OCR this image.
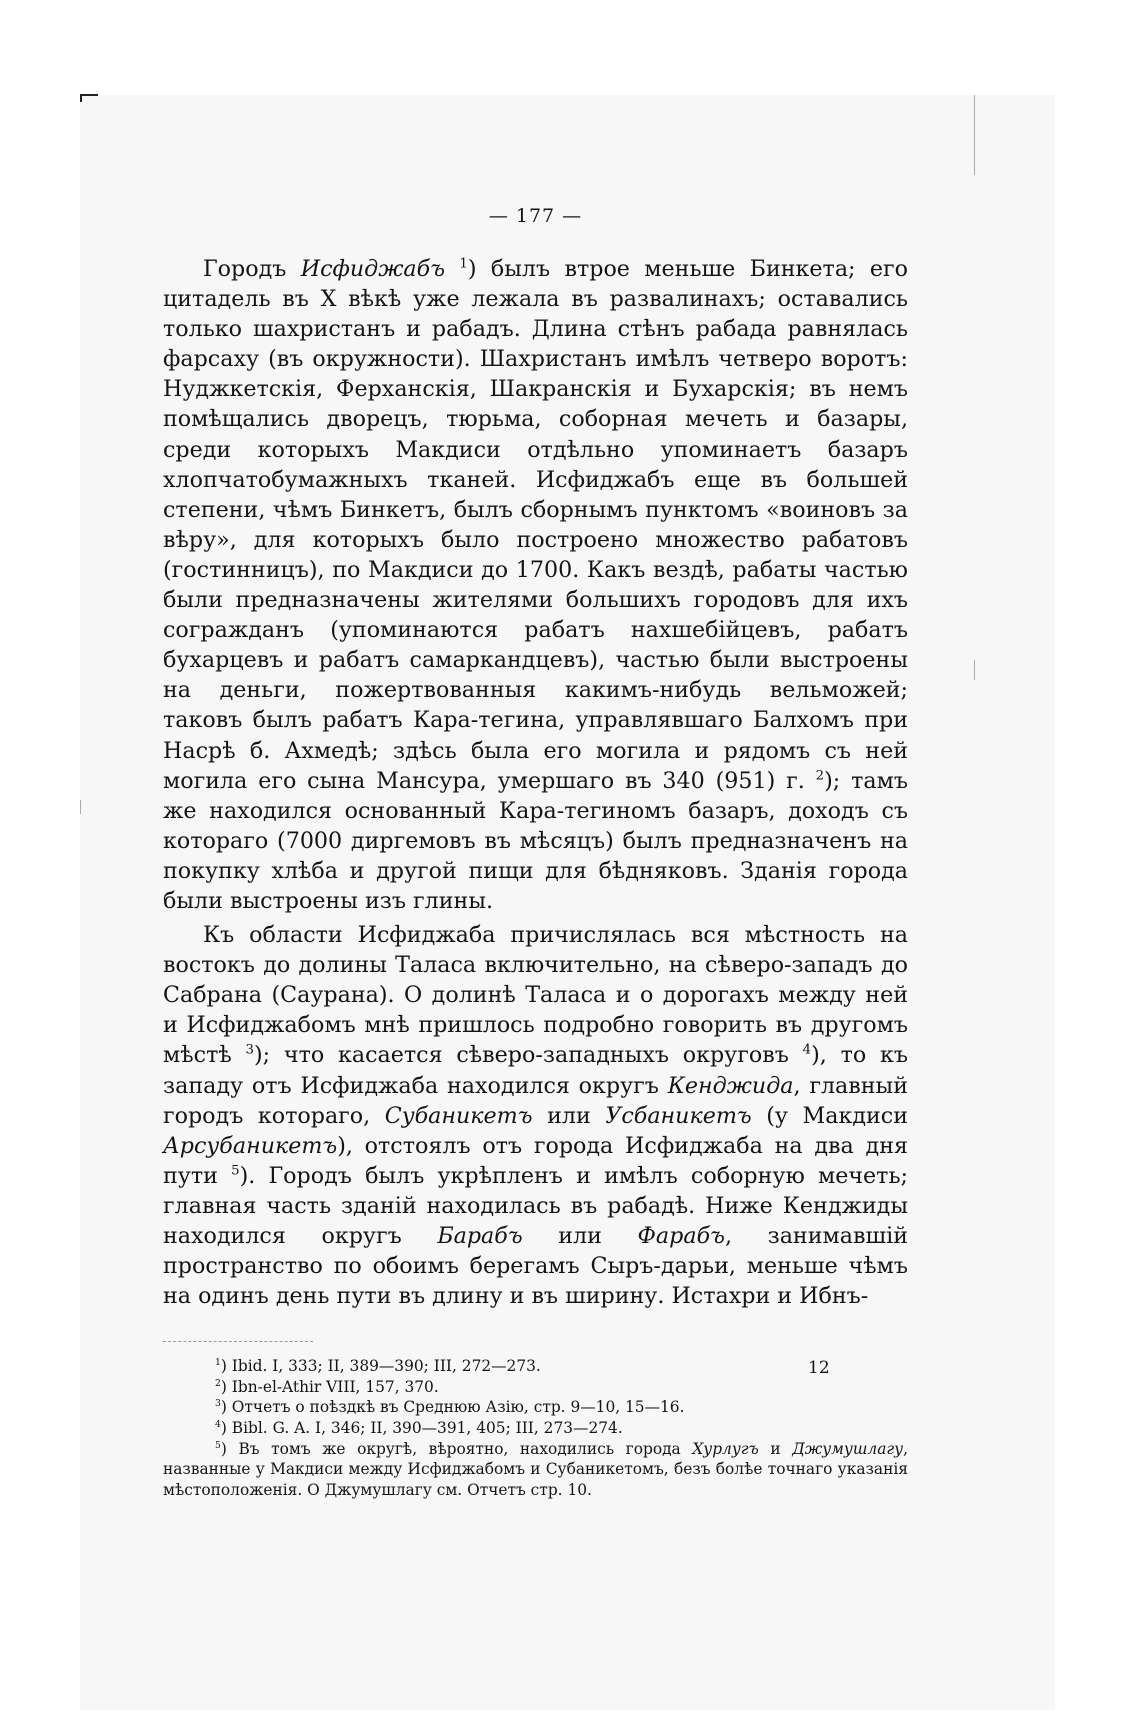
— 177 —

Городъ Исфиджабъ $^1$) былъ втрое меньше Бинкета; его цитадель въ X вѣкѣ уже лежала въ развалинахъ; оставались только шахристанъ и рабадъ. Длина стѣнъ рабада равнялась фарсаху (въ окружности). Шахристанъ имѣлъ четверо воротъ: Нуджкетскія, Ферханскія, Шакранскія и Бухарскія; въ немъ помѣщались дворецъ, тюрьма, соборная мечеть и базары, среди которыхъ Макдиси отдѣльно упоминаетъ базаръ хлопчатобумажныхъ тканей. Исфиджабъ еще въ большей степени, чѣмъ Бинкетъ, былъ сборнымъ пунктомъ «воиновъ за вѣру», для которыхъ было построено множество рабатовъ (гостинницъ), по Макдиси до 1700. Какъ вездѣ, рабаты частью были предназначены жителями большихъ городовъ для ихъ согражданъ (упоминаются рабатъ нахшебійцевъ, рабатъ бухарцевъ и рабатъ самаркандцевъ), частью были выстроены на деньги, пожертвованныя какимъ-нибудь вельможей; таковъ былъ рабатъ Кара-тегина, управлявшаго Балхомъ при Насрѣ б. Ахмедѣ; здѣсь была его могила и рядомъ съ ней могила его сына Мансура, умершаго въ 340 (951) г. $^2$); тамъ же находился основанный Кара-тегиномъ базаръ, доходъ съ котораго (7000 диргемовъ въ мѣсяцъ) былъ предназначенъ на покупку хлѣба и другой пищи для бѣдняковъ. Зданія города были выстроены изъ глины.

Къ области Исфиджаба причислялась вся мѣстность на востокъ до долины Таласа включительно, на сѣверо-западъ до Сабрана (Саурана). О долинѣ Таласа и о дорогахъ между ней и Исфиджабомъ мнѣ пришлось подробно говорить въ другомъ мѣстѣ $^3$); что касается сѣверо-западныхъ округовъ $^4$), то къ западу отъ Исфиджаба находился округъ Кенджида, главный городъ котораго, Субаникетъ или Усбаникетъ (у Макдиси Арсубаникетъ), отстоялъ отъ города Исфиджаба на два дня пути $^5$). Городъ былъ укрѣпленъ и имѣлъ соборную мечеть; главная часть зданій находилась въ рабадѣ. Ниже Кенджиды находился округъ Барабъ или Фарабъ, занимавшій пространство по обоимъ берегамъ Сыръ-дарьи, меньше чѣмъ на одинъ день пути въ длину и въ ширину. Истахри и Ибнъ-

$^1$) Ibid. I, 333; II, 389—390; III, 272—273.
$^2$) Ibn-el-Athir VIII, 157, 370.
$^3$) Отчетъ о поѣздкѣ въ Среднюю Азію, стр. 9—10, 15—16.
$^4$) Bibl. G. A. I, 346; II, 390—391, 405; III, 273—274.
$^5$) Въ томъ же округѣ, вѣроятно, находились города Хурлугъ и Джумушлагу, названные у Макдиси между Исфиджабомъ и Субаникетомъ, безъ болѣе точнаго указанія мѣстоположенія. О Джумушлагу см. Отчетъ стр. 10.
12
